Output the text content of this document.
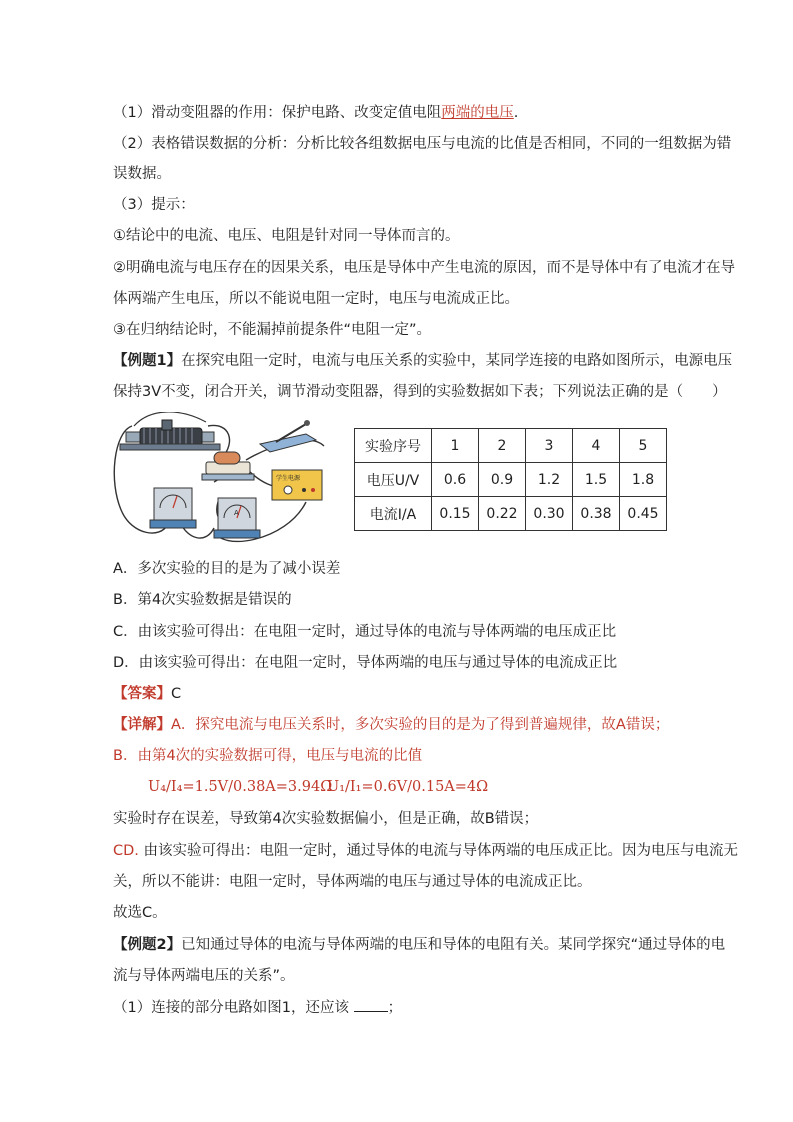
（1）滑动变阻器的作用：保护电路、改变定值电阻两端的电压.
（2）表格错误数据的分析：分析比较各组数据电压与电流的比值是否相同，不同的一组数据为错
误数据。
（3）提示：
①结论中的电流、电压、电阻是针对同一导体而言的。
②明确电流与电压存在的因果关系，电压是导体中产生电流的原因，而不是导体中有了电流才在导
体两端产生电压，所以不能说电阻一定时，电压与电流成正比。
③在归纳结论时，不能漏掉前提条件“电阻一定”。
【例题1】在探究电阻一定时，电流与电压关系的实验中，某同学连接的电路如图所示，电源电压
保持3V不变，闭合开关，调节滑动变阻器，得到的实验数据如下表；下列说法正确的是（　　）
A
学生电源
实验序号	1	2	3	4	5
电压U/V	0.6	0.9	1.2	1.5	1.8
电流I/A	0.15	0.22	0.30	0.38	0.45
A．多次实验的目的是为了减小误差
B．第4次实验数据是错误的
C．由该实验可得出：在电阻一定时，通过导体的电流与导体两端的电压成正比
D．由该实验可得出：在电阻一定时，导体两端的电压与通过导体的电流成正比
【答案】C
【详解】A．探究电流与电压关系时，多次实验的目的是为了得到普遍规律，故A错误；
B．由第4次的实验数据可得，电压与电流的比值
U₄/I₄=1.5V/0.38A=3.94Ω
U₁/I₁=0.6V/0.15A=4Ω
实验时存在误差，导致第4次实验数据偏小，但是正确，故B错误；
CD. 由该实验可得出：电阻一定时，通过导体的电流与导体两端的电压成正比。因为电压与电流无
关，所以不能讲：电阻一定时，导体两端的电压与通过导体的电流成正比。
故选C。
【例题2】已知通过导体的电流与导体两端的电压和导体的电阻有关。某同学探究“通过导体的电
流与导体两端电压的关系”。
（1）连接的部分电路如图1，还应该 ；
